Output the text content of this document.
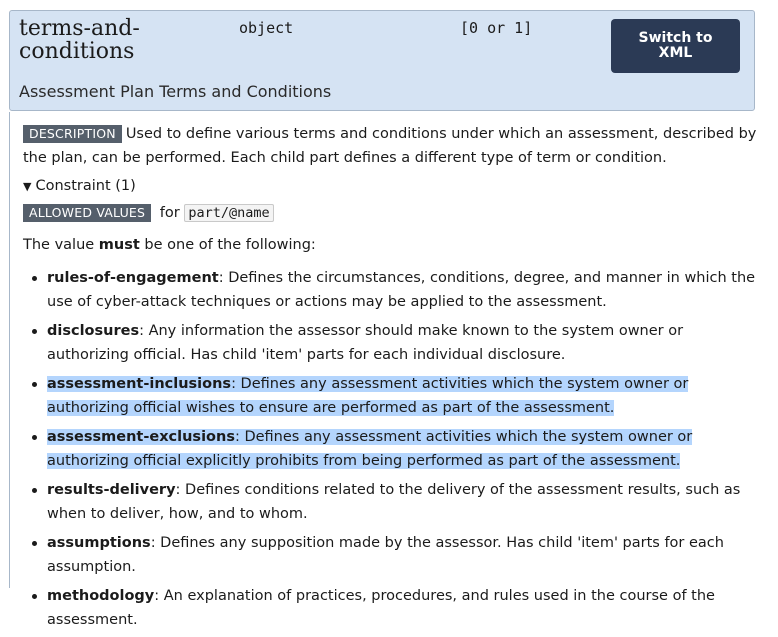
terms-and-
conditions
object	[0 or 1]
Switch to XML
Assessment Plan Terms and Conditions

DESCRIPTION Used to define various terms and conditions under which an assessment, described by the plan, can be performed. Each child part defines a different type of term or condition.

▼ Constraint (1)
ALLOWED VALUES for part/@name
The value must be one of the following:
rules-of-engagement: Defines the circumstances, conditions, degree, and manner in which the use of cyber-attack techniques or actions may be applied to the assessment.
disclosures: Any information the assessor should make known to the system owner or authorizing official. Has child 'item' parts for each individual disclosure.
assessment-inclusions: Defines any assessment activities which the system owner or authorizing official wishes to ensure are performed as part of the assessment.
assessment-exclusions: Defines any assessment activities which the system owner or authorizing official explicitly prohibits from being performed as part of the assessment.
results-delivery: Defines conditions related to the delivery of the assessment results, such as when to deliver, how, and to whom.
assumptions: Defines any supposition made by the assessor. Has child 'item' parts for each assumption.
methodology: An explanation of practices, procedures, and rules used in the course of the assessment.
